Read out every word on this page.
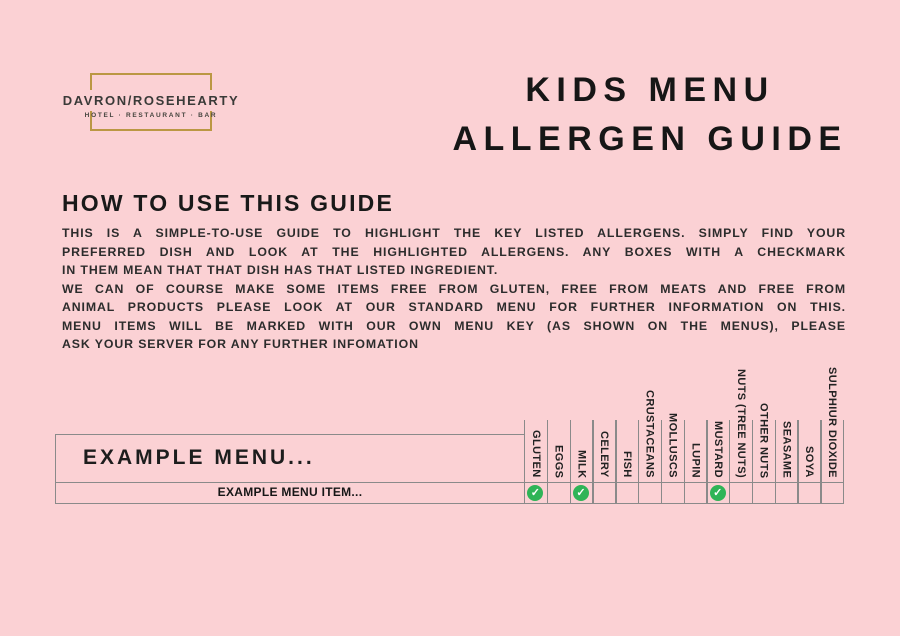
DAVRON/ROSEHEARTY
HOTEL · RESTAURANT · BAR
KIDS MENU
ALLERGEN GUIDE
HOW TO USE THIS GUIDE
THIS IS A SIMPLE-TO-USE GUIDE TO HIGHLIGHT THE KEY LISTED ALLERGENS. SIMPLY FIND YOUR
PREFERRED DISH AND LOOK AT THE HIGHLIGHTED ALLERGENS. ANY BOXES WITH A CHECKMARK
IN THEM MEAN THAT THAT DISH HAS THAT LISTED INGREDIENT.
WE CAN OF COURSE MAKE SOME ITEMS FREE FROM GLUTEN, FREE FROM MEATS AND FREE FROM
ANIMAL PRODUCTS PLEASE LOOK AT OUR STANDARD MENU FOR FURTHER INFORMATION ON THIS.
MENU ITEMS WILL BE MARKED WITH OUR OWN MENU KEY (AS SHOWN ON THE MENUS), PLEASE
ASK YOUR SERVER FOR ANY FURTHER INFOMATION
EXAMPLE MENU...
EXAMPLE MENU ITEM...
GLUTEN EGGS MILK CELERY FISH CRUSTACEANS MOLLUSCS LUPIN MUSTARD NUTS (TREE NUTS) OTHER NUTS SEASAME SOYA SULPHIUR DIOXIDE
✓	✓	✓
